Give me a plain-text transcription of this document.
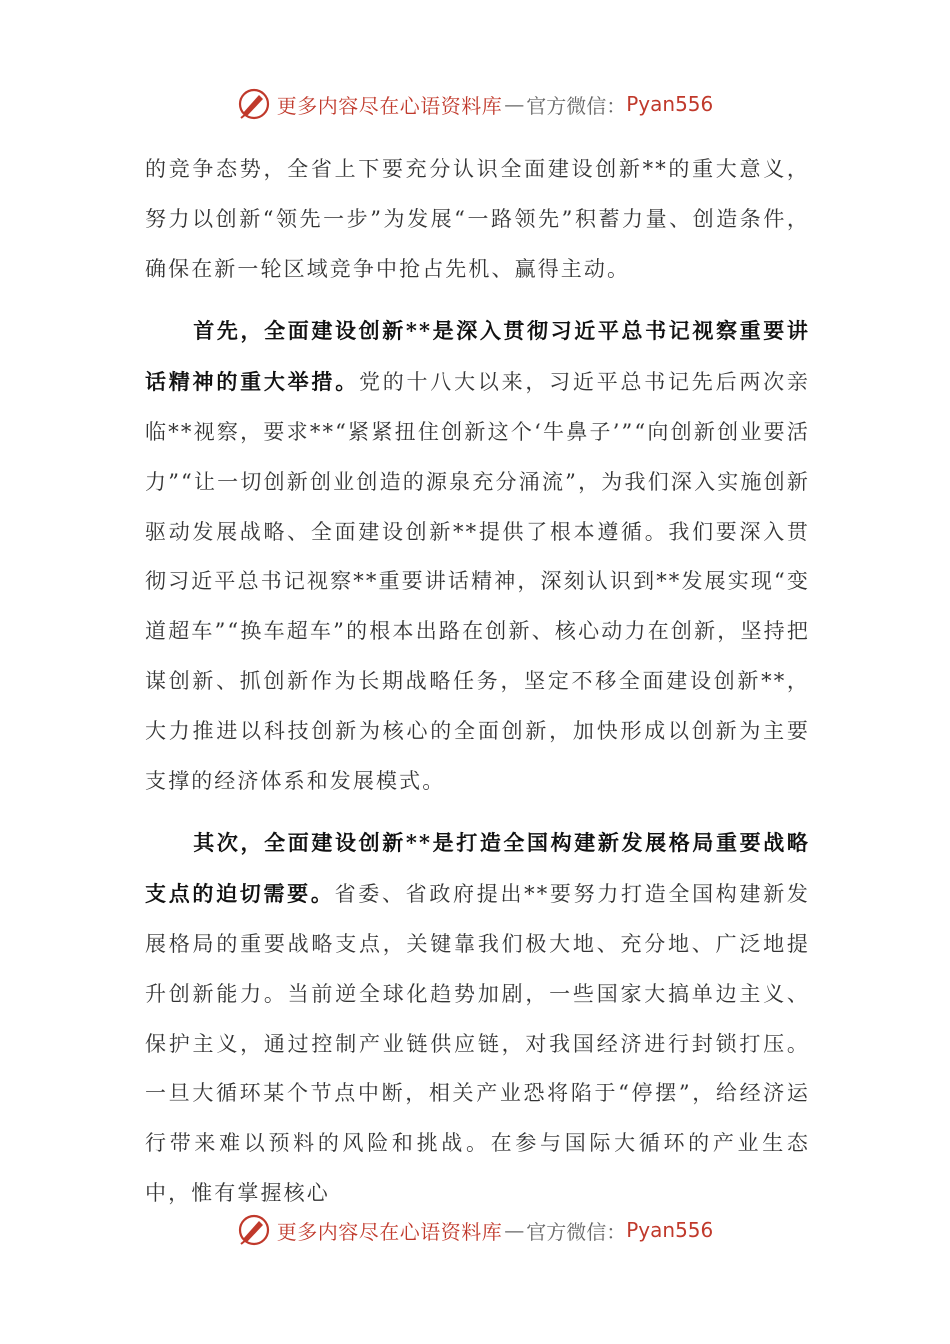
更多内容尽在心语资料库 — 官方微信： Pyan556

的竞争态势，全省上下要充分认识全面建设创新**的重大意义，努力以创新“领先一步”为发展“一路领先”积蓄力量、创造条件，确保在新一轮区域竞争中抢占先机、赢得主动。

首先，全面建设创新**是深入贯彻习近平总书记视察重要讲话精神的重大举措。党的十八大以来，习近平总书记先后两次亲临**视察，要求**“紧紧扭住创新这个‘牛鼻子’”“向创新创业要活力”“让一切创新创业创造的源泉充分涌流”，为我们深入实施创新驱动发展战略、全面建设创新**提供了根本遵循。我们要深入贯彻习近平总书记视察**重要讲话精神，深刻认识到**发展实现“变道超车”“换车超车”的根本出路在创新、核心动力在创新，坚持把谋创新、抓创新作为长期战略任务，坚定不移全面建设创新**，大力推进以科技创新为核心的全面创新，加快形成以创新为主要支撑的经济体系和发展模式。

其次，全面建设创新**是打造全国构建新发展格局重要战略支点的迫切需要。省委、省政府提出**要努力打造全国构建新发展格局的重要战略支点，关键靠我们极大地、充分地、广泛地提升创新能力。当前逆全球化趋势加剧，一些国家大搞单边主义、保护主义，通过控制产业链供应链，对我国经济进行封锁打压。一旦大循环某个节点中断，相关产业恐将陷于“停摆”，给经济运行带来难以预料的风险和挑战。在参与国际大循环的产业生态中，惟有掌握核心

更多内容尽在心语资料库 — 官方微信： Pyan556
